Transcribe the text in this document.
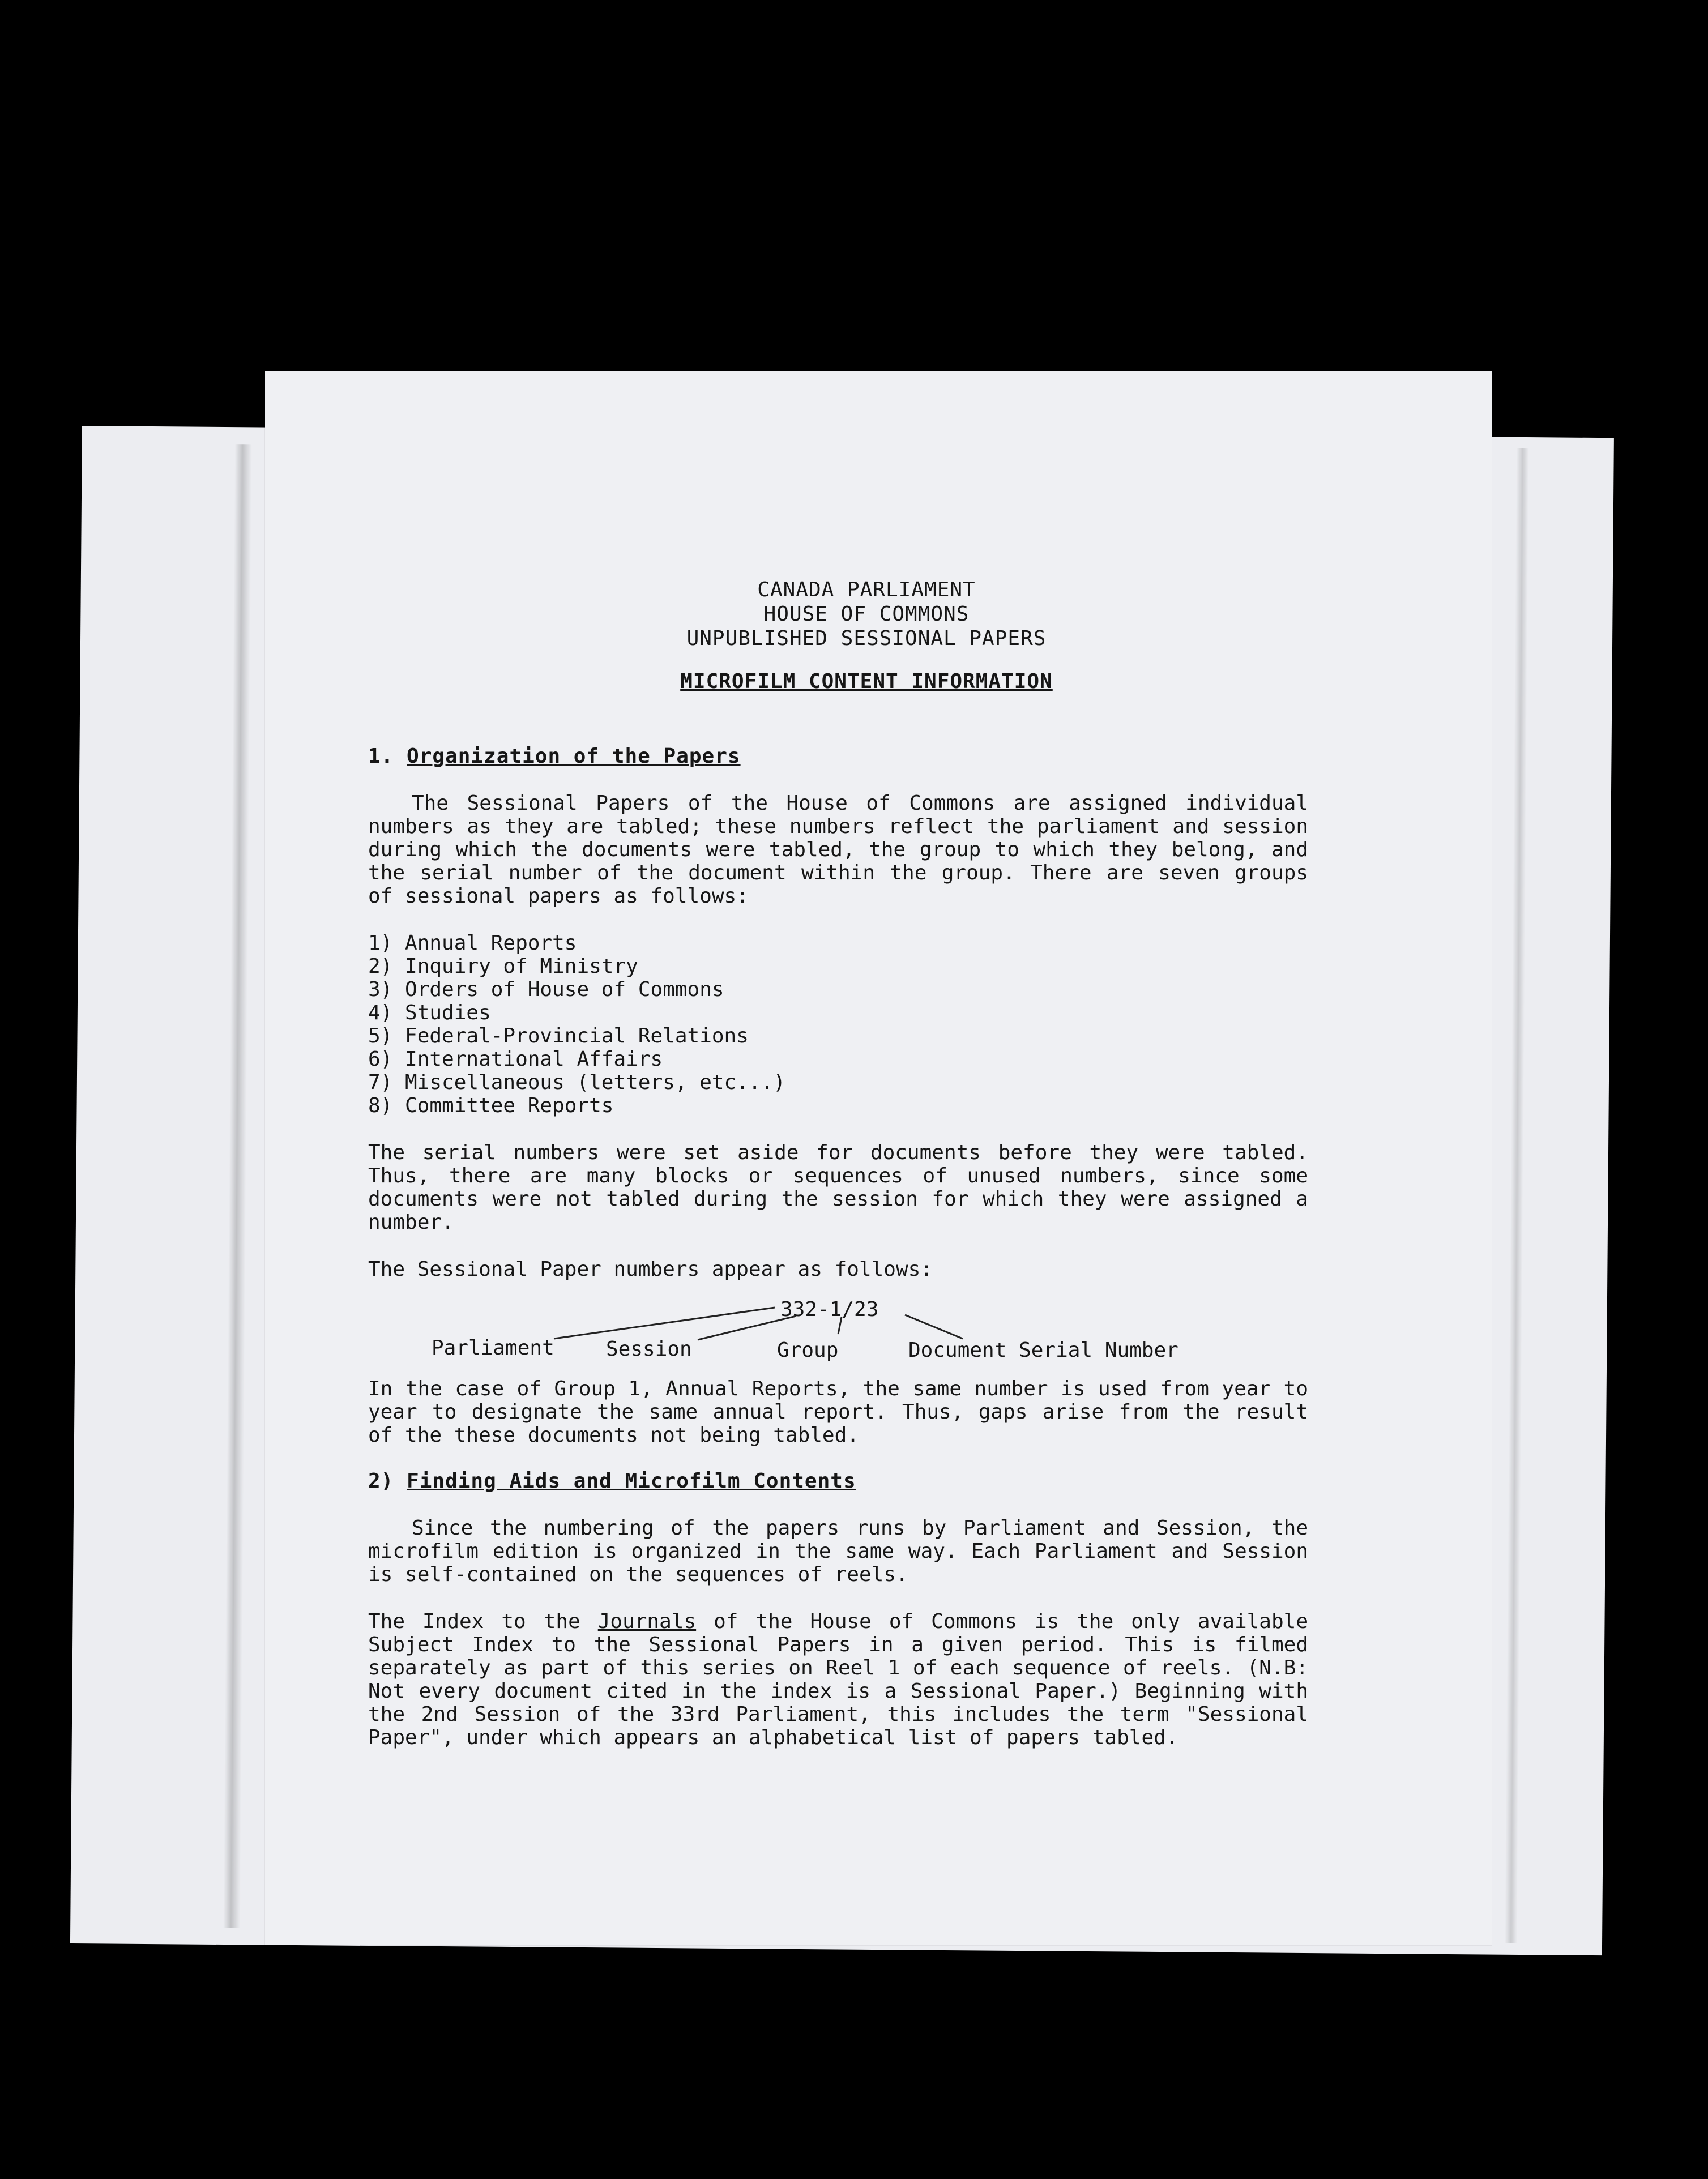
CANADA PARLIAMENT
HOUSE OF COMMONS
UNPUBLISHED SESSIONAL PAPERS
MICROFILM CONTENT INFORMATION
1. Organization of the Papers

The Sessional Papers of the House of Commons are assigned individual numbers as they are tabled; these numbers reflect the parliament and session during which the documents were tabled, the group to which they belong, and the serial number of the document within the group. There are seven groups of sessional papers as follows:

1) Annual Reports
2) Inquiry of Ministry
3) Orders of House of Commons
4) Studies
5) Federal-Provincial Relations
6) International Affairs
7) Miscellaneous (letters, etc...)
8) Committee Reports

The serial numbers were set aside for documents before they were tabled. Thus, there are many blocks or sequences of unused numbers, since some documents were not tabled during the session for which they were assigned a number.

The Sessional Paper numbers appear as follows:

332-1/23
Parliament	Session	Group	Document Serial Number

In the case of Group 1, Annual Reports, the same number is used from year to year to designate the same annual report. Thus, gaps arise from the result of the these documents not being tabled.

2) Finding Aids and Microfilm Contents

Since the numbering of the papers runs by Parliament and Session, the microfilm edition is organized in the same way. Each Parliament and Session is self-contained on the sequences of reels.

The Index to the Journals of the House of Commons is the only available Subject Index to the Sessional Papers in a given period. This is filmed separately as part of this series on Reel 1 of each sequence of reels. (N.B: Not every document cited in the index is a Sessional Paper.) Beginning with the 2nd Session of the 33rd Parliament, this includes the term "Sessional Paper", under which appears an alphabetical list of papers tabled.
